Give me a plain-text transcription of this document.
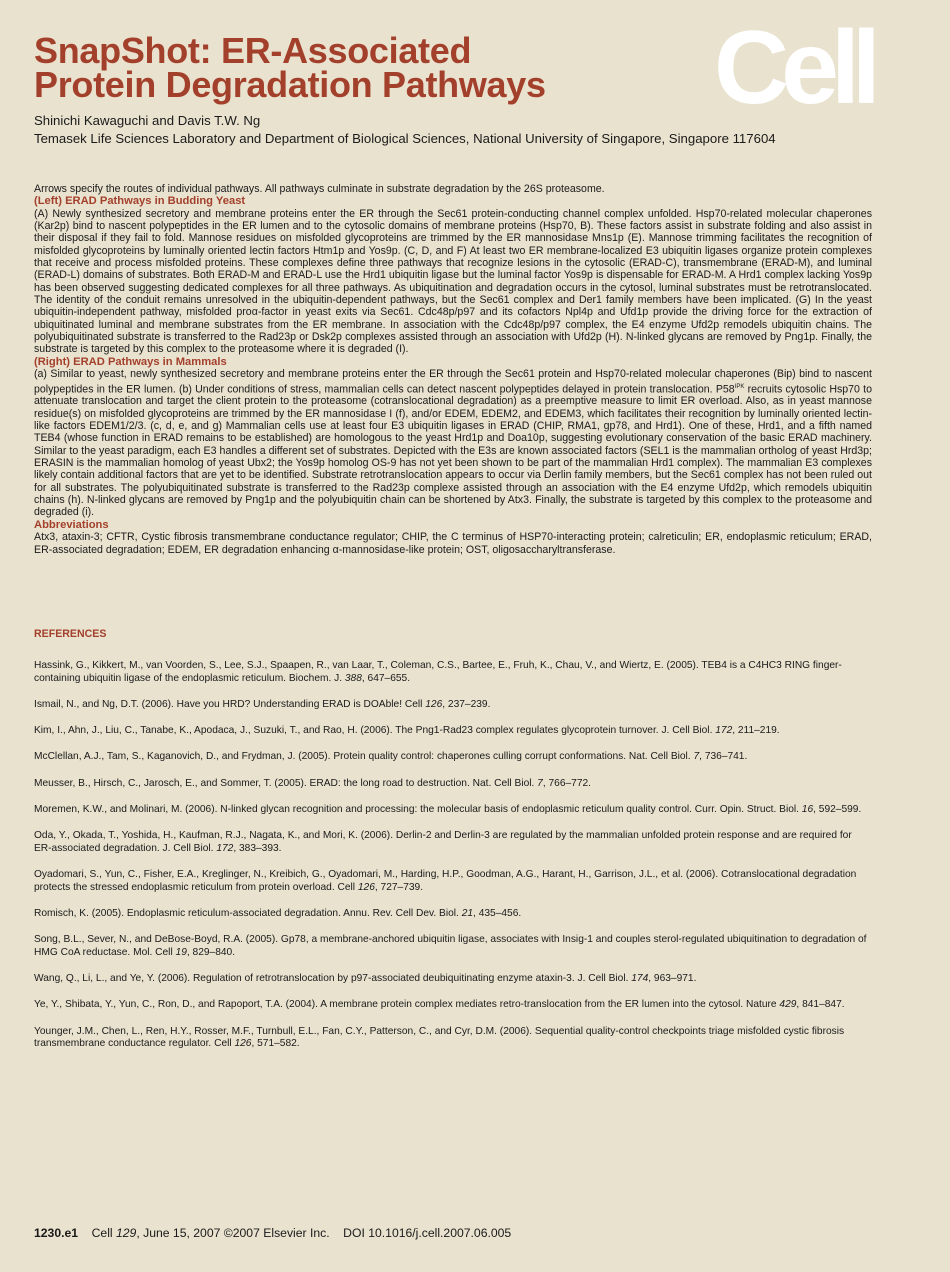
SnapShot: ER-Associated
Protein Degradation Pathways	Cell
Shinichi Kawaguchi and Davis T.W. Ng
Temasek Life Sciences Laboratory and Department of Biological Sciences, National University of Singapore, Singapore 117604

Arrows specify the routes of individual pathways. All pathways culminate in substrate degradation by the 26S proteasome.

(Left) ERAD Pathways in Budding Yeast

(A) Newly synthesized secretory and membrane proteins enter the ER through the Sec61 protein-conducting channel complex unfolded. Hsp70-related molecular chaperones (Kar2p) bind to nascent polypeptides in the ER lumen and to the cytosolic domains of membrane proteins (Hsp70, B). These factors assist in substrate folding and also assist in their disposal if they fail to fold. Mannose residues on misfolded glycoproteins are trimmed by the ER mannosidase Mns1p (E). Mannose trimming facilitates the recognition of misfolded glycoproteins by luminally oriented lectin factors Htm1p and Yos9p. (C, D, and F) At least two ER membrane-localized E3 ubiquitin ligases organize protein complexes that receive and process misfolded proteins. These complexes define three pathways that recognize lesions in the cytosolic (ERAD-C), transmembrane (ERAD-M), and luminal (ERAD-L) domains of substrates. Both ERAD-M and ERAD-L use the Hrd1 ubiquitin ligase but the luminal factor Yos9p is dispensable for ERAD-M. A Hrd1 complex lacking Yos9p has been observed suggesting dedicated complexes for all three pathways. As ubiquitination and degradation occurs in the cytosol, luminal substrates must be retrotranslocated. The identity of the conduit remains unresolved in the ubiquitin-dependent pathways, but the Sec61 complex and Der1 family members have been implicated. (G) In the yeast ubiquitin-independent pathway, misfolded proα-factor in yeast exits via Sec61. Cdc48p/p97 and its cofactors Npl4p and Ufd1p provide the driving force for the extraction of ubiquitinated luminal and membrane substrates from the ER membrane. In association with the Cdc48p/p97 complex, the E4 enzyme Ufd2p remodels ubiquitin chains. The polyubiquitinated substrate is transferred to the Rad23p or Dsk2p complexes assisted through an association with Ufd2p (H). N-linked glycans are removed by Png1p. Finally, the substrate is targeted by this complex to the proteasome where it is degraded (I).

(Right) ERAD Pathways in Mammals

(a) Similar to yeast, newly synthesized secretory and membrane proteins enter the ER through the Sec61 protein and Hsp70-related molecular chaperones (Bip) bind to nascent polypeptides in the ER lumen. (b) Under conditions of stress, mammalian cells can detect nascent polypeptides delayed in protein translocation. $P58^{IPK}$ recruits cytosolic Hsp70 to attenuate translocation and target the client protein to the proteasome (cotranslocational degradation) as a preemptive measure to limit ER overload. Also, as in yeast mannose residue(s) on misfolded glycoproteins are trimmed by the ER mannosidase I (f), and/or EDEM, EDEM2, and EDEM3, which facilitates their recognition by luminally oriented lectin-like factors EDEM1/2/3. (c, d, e, and g) Mammalian cells use at least four E3 ubiquitin ligases in ERAD (CHIP, RMA1, gp78, and Hrd1). One of these, Hrd1, and a fifth named TEB4 (whose function in ERAD remains to be established) are homologous to the yeast Hrd1p and Doa10p, suggesting evolutionary conservation of the basic ERAD machinery. Similar to the yeast paradigm, each E3 handles a different set of substrates. Depicted with the E3s are known associated factors (SEL1 is the mammalian ortholog of yeast Hrd3p; ERASIN is the mammalian homolog of yeast Ubx2; the Yos9p homolog OS-9 has not yet been shown to be part of the mammalian Hrd1 complex). The mammalian E3 complexes likely contain additional factors that are yet to be identified. Substrate retrotranslocation appears to occur via Derlin family members, but the Sec61 complex has not been ruled out for all substrates. The polyubiquitinated substrate is transferred to the Rad23p complexe assisted through an association with the E4 enzyme Ufd2p, which remodels ubiquitin chains (h). N-linked glycans are removed by Png1p and the polyubiquitin chain can be shortened by Atx3. Finally, the substrate is targeted by this complex to the proteasome and degraded (i).

Abbreviations

Atx3, ataxin-3; CFTR, Cystic fibrosis transmembrane conductance regulator; CHIP, the C terminus of HSP70-interacting protein; calreticulin; ER, endoplasmic reticulum; ERAD, ER-associated degradation; EDEM, ER degradation enhancing α-mannosidase-like protein; OST, oligosaccharyltransferase.

REFERENCES
Hassink, G., Kikkert, M., van Voorden, S., Lee, S.J., Spaapen, R., van Laar, T., Coleman, C.S., Bartee, E., Fruh, K., Chau, V., and Wiertz, E. (2005). TEB4 is a C4HC3 RING finger-containing ubiquitin ligase of the endoplasmic reticulum. Biochem. J. 388, 647–655.
Ismail, N., and Ng, D.T. (2006). Have you HRD? Understanding ERAD is DOAble! Cell 126, 237–239.
Kim, I., Ahn, J., Liu, C., Tanabe, K., Apodaca, J., Suzuki, T., and Rao, H. (2006). The Png1-Rad23 complex regulates glycoprotein turnover. J. Cell Biol. 172, 211–219.
McClellan, A.J., Tam, S., Kaganovich, D., and Frydman, J. (2005). Protein quality control: chaperones culling corrupt conformations. Nat. Cell Biol. 7, 736–741.
Meusser, B., Hirsch, C., Jarosch, E., and Sommer, T. (2005). ERAD: the long road to destruction. Nat. Cell Biol. 7, 766–772.
Moremen, K.W., and Molinari, M. (2006). N-linked glycan recognition and processing: the molecular basis of endoplasmic reticulum quality control. Curr. Opin. Struct. Biol. 16, 592–599.
Oda, Y., Okada, T., Yoshida, H., Kaufman, R.J., Nagata, K., and Mori, K. (2006). Derlin-2 and Derlin-3 are regulated by the mammalian unfolded protein response and are required for ER-associated degradation. J. Cell Biol. 172, 383–393.
Oyadomari, S., Yun, C., Fisher, E.A., Kreglinger, N., Kreibich, G., Oyadomari, M., Harding, H.P., Goodman, A.G., Harant, H., Garrison, J.L., et al. (2006). Cotranslocational degradation protects the stressed endoplasmic reticulum from protein overload. Cell 126, 727–739.
Romisch, K. (2005). Endoplasmic reticulum-associated degradation. Annu. Rev. Cell Dev. Biol. 21, 435–456.
Song, B.L., Sever, N., and DeBose-Boyd, R.A. (2005). Gp78, a membrane-anchored ubiquitin ligase, associates with Insig-1 and couples sterol-regulated ubiquitination to degradation of HMG CoA reductase. Mol. Cell 19, 829–840.
Wang, Q., Li, L., and Ye, Y. (2006). Regulation of retrotranslocation by p97-associated deubiquitinating enzyme ataxin-3. J. Cell Biol. 174, 963–971.
Ye, Y., Shibata, Y., Yun, C., Ron, D., and Rapoport, T.A. (2004). A membrane protein complex mediates retro-translocation from the ER lumen into the cytosol. Nature 429, 841–847.
Younger, J.M., Chen, L., Ren, H.Y., Rosser, M.F., Turnbull, E.L., Fan, C.Y., Patterson, C., and Cyr, D.M. (2006). Sequential quality-control checkpoints triage misfolded cystic fibrosis transmembrane conductance regulator. Cell 126, 571–582.
1230.e1 Cell 129, June 15, 2007 ©2007 Elsevier Inc. DOI 10.1016/j.cell.2007.06.005
